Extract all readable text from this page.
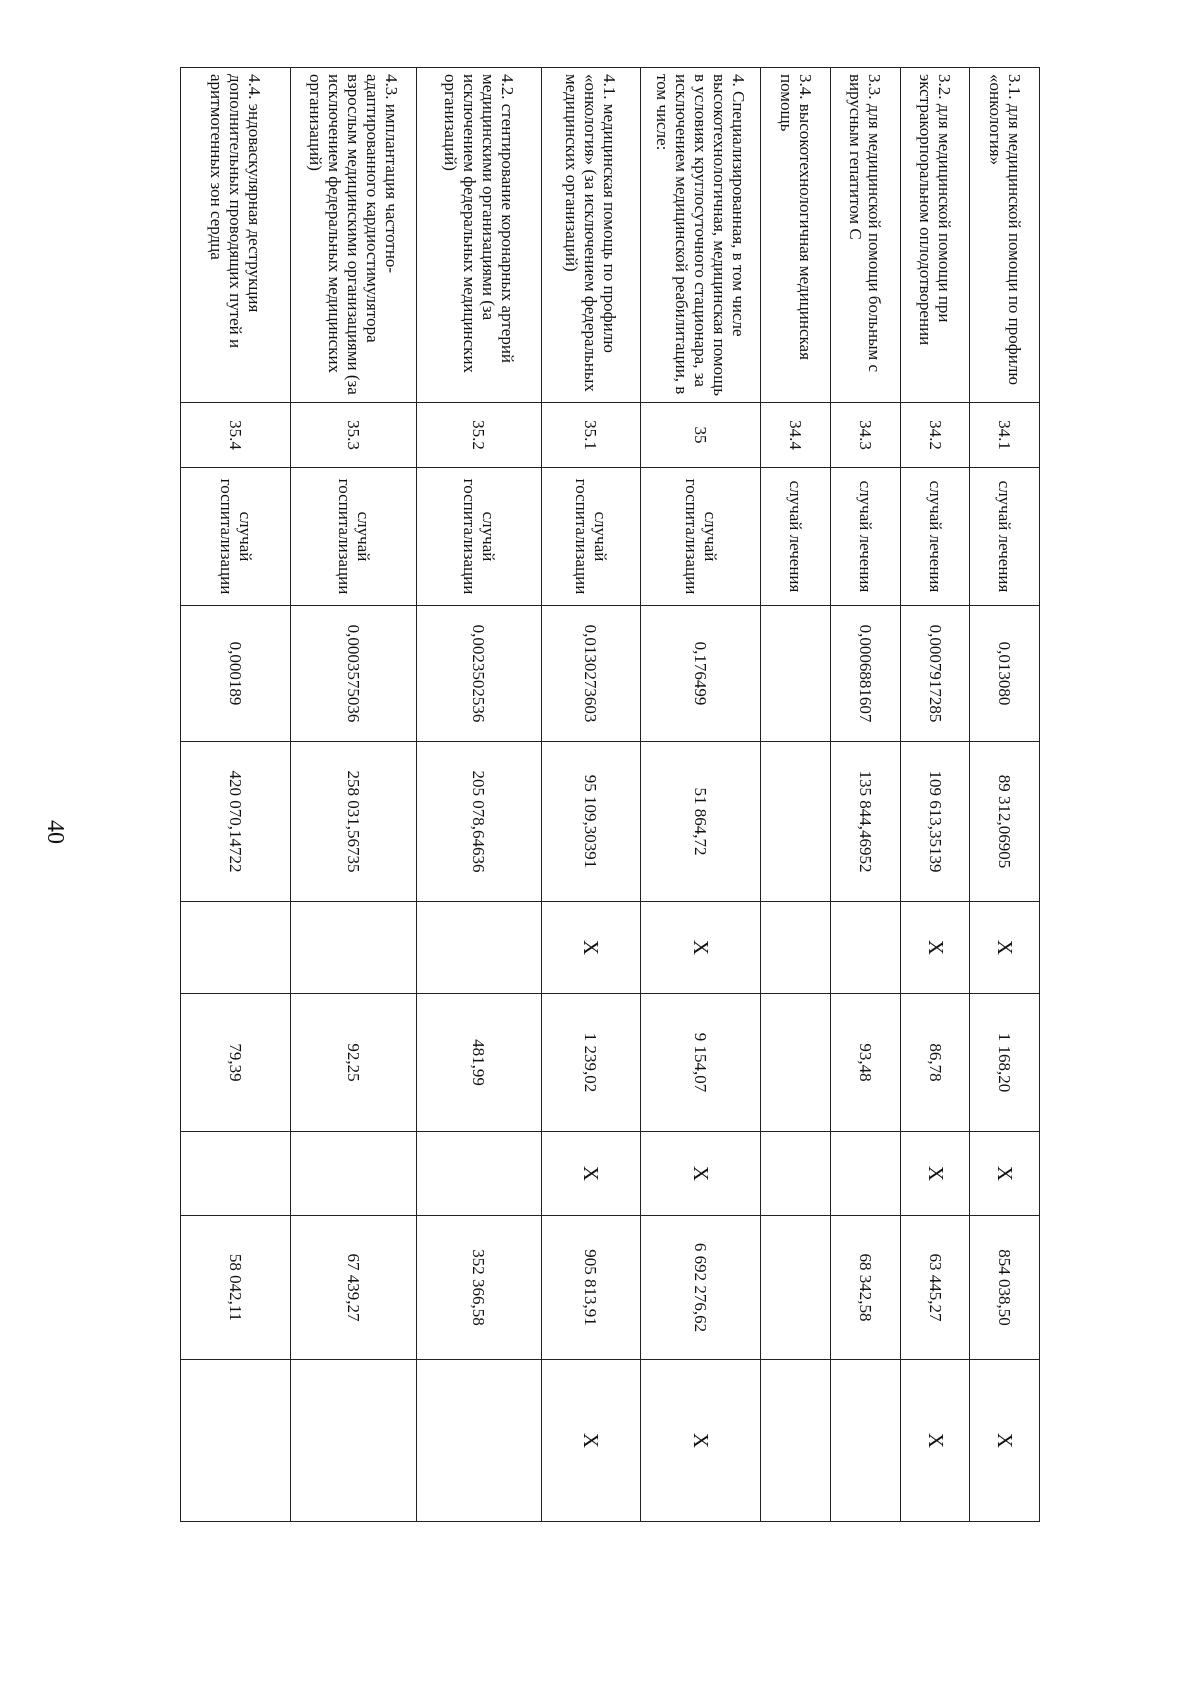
40
3.1. для медицинской помощи по профилю «онкология»	34.1	случай лечения	0,013080	89 312,06905	X	1 168,20	X	854 038,50	X
3.2. для медицинской помощи при экстракорпоральном оплодотворении	34.2	случай лечения	0,0007917285	109 613,35139	X	86,78	X	63 445,27	X
3.3. для медицинской помощи больным с вирусным гепатитом С	34.3	случай лечения	0,0006881607	135 844,46952		93,48		68 342,58	
3.4. высокотехнологичная медицинская помощь	34.4	случай лечения							
4. Специализированная, в том числе высокотехнологичная, медицинская помощь в условиях круглосуточного стационара, за исключением медицинской реабилитации, в том числе:	35	случай госпитализации	0,176499	51 864,72	X	9 154,07	X	6 692 276,62	X
4.1. медицинская помощь по профилю «онкология» (за исключением федеральных медицинских организаций)	35.1	случай госпитализации	0,0130273603	95 109,30391	X	1 239,02	X	905 813,91	X
4.2. стентирование коронарных артерий медицинскими организациями (за исключением федеральных медицинских организаций)	35.2	случай госпитализации	0,0023502536	205 078,64636		481,99		352 366,58	
4.3. имплантация частотно-адаптированного кардиостимулятора взрослым медицинскими организациями (за исключением федеральных медицинских организаций)	35.3	случай госпитализации	0,0003575036	258 031,56735		92,25		67 439,27	
4.4. эндоваскулярная деструкция дополнительных проводящих путей и аритмогенных зон сердца	35.4	случай госпитализации	0,000189	420 070,14722		79,39		58 042,11	
